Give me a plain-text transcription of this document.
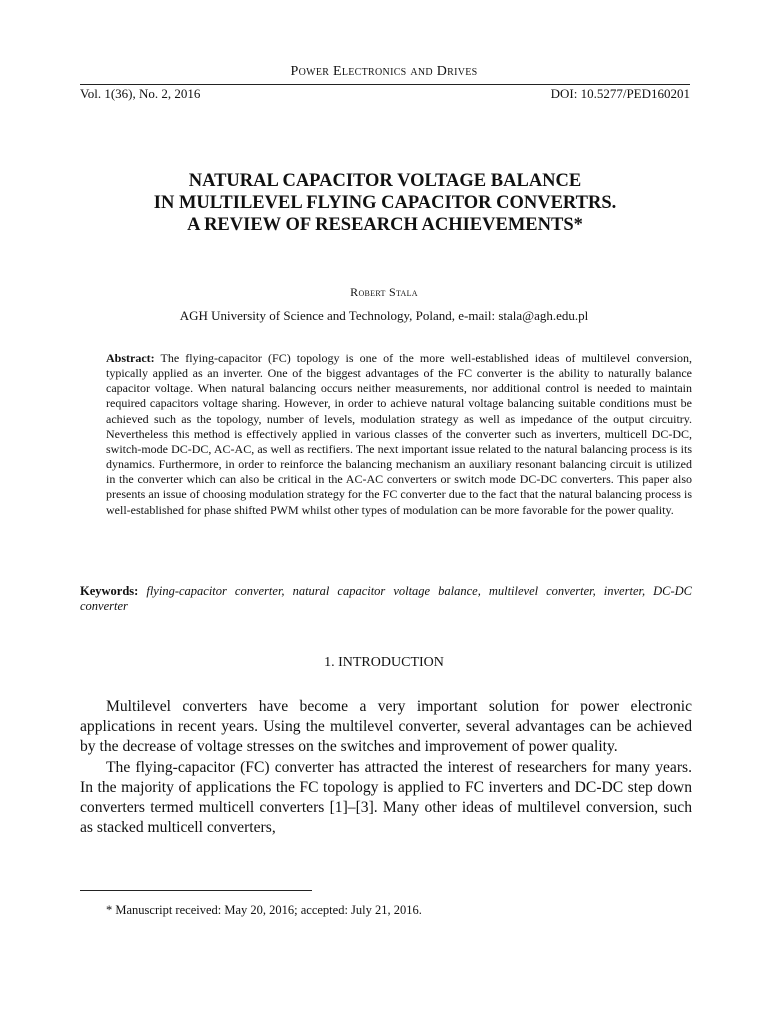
Power Electronics and Drives
Vol. 1(36), No. 2, 2016	DOI: 10.5277/PED160201
NATURAL CAPACITOR VOLTAGE BALANCE
IN MULTILEVEL FLYING CAPACITOR CONVERTRS.
A REVIEW OF RESEARCH ACHIEVEMENTS*
Robert Stala
AGH University of Science and Technology, Poland, e-mail: stala@agh.edu.pl
Abstract: The flying-capacitor (FC) topology is one of the more well-established ideas of multilevel conversion, typically applied as an inverter. One of the biggest advantages of the FC converter is the ability to naturally balance capacitor voltage. When natural balancing occurs neither measurements, nor additional control is needed to maintain required capacitors voltage sharing. However, in order to achieve natural voltage balancing suitable conditions must be achieved such as the topology, number of levels, modulation strategy as well as impedance of the output circuitry. Nevertheless this method is effectively applied in various classes of the converter such as inverters, multicell DC-DC, switch-mode DC-DC, AC-AC, as well as rectifiers. The next important issue related to the natural balancing process is its dynamics. Furthermore, in order to reinforce the balancing mechanism an auxiliary resonant balancing circuit is utilized in the converter which can also be critical in the AC-AC converters or switch mode DC-DC converters. This paper also presents an issue of choosing modulation strategy for the FC converter due to the fact that the natural balancing process is well-established for phase shifted PWM whilst other types of modulation can be more favorable for the power quality.
Keywords: flying-capacitor converter, natural capacitor voltage balance, multilevel converter, inverter, DC-DC converter
1. INTRODUCTION

Multilevel converters have become a very important solution for power electronic applications in recent years. Using the multilevel converter, several advantages can be achieved by the decrease of voltage stresses on the switches and improvement of power quality.

The flying-capacitor (FC) converter has attracted the interest of researchers for many years. In the majority of applications the FC topology is applied to FC inverters and DC-DC step down converters termed multicell converters [1]–[3]. Many other ideas of multilevel conversion, such as stacked multicell converters,

* Manuscript received: May 20, 2016; accepted: July 21, 2016.
